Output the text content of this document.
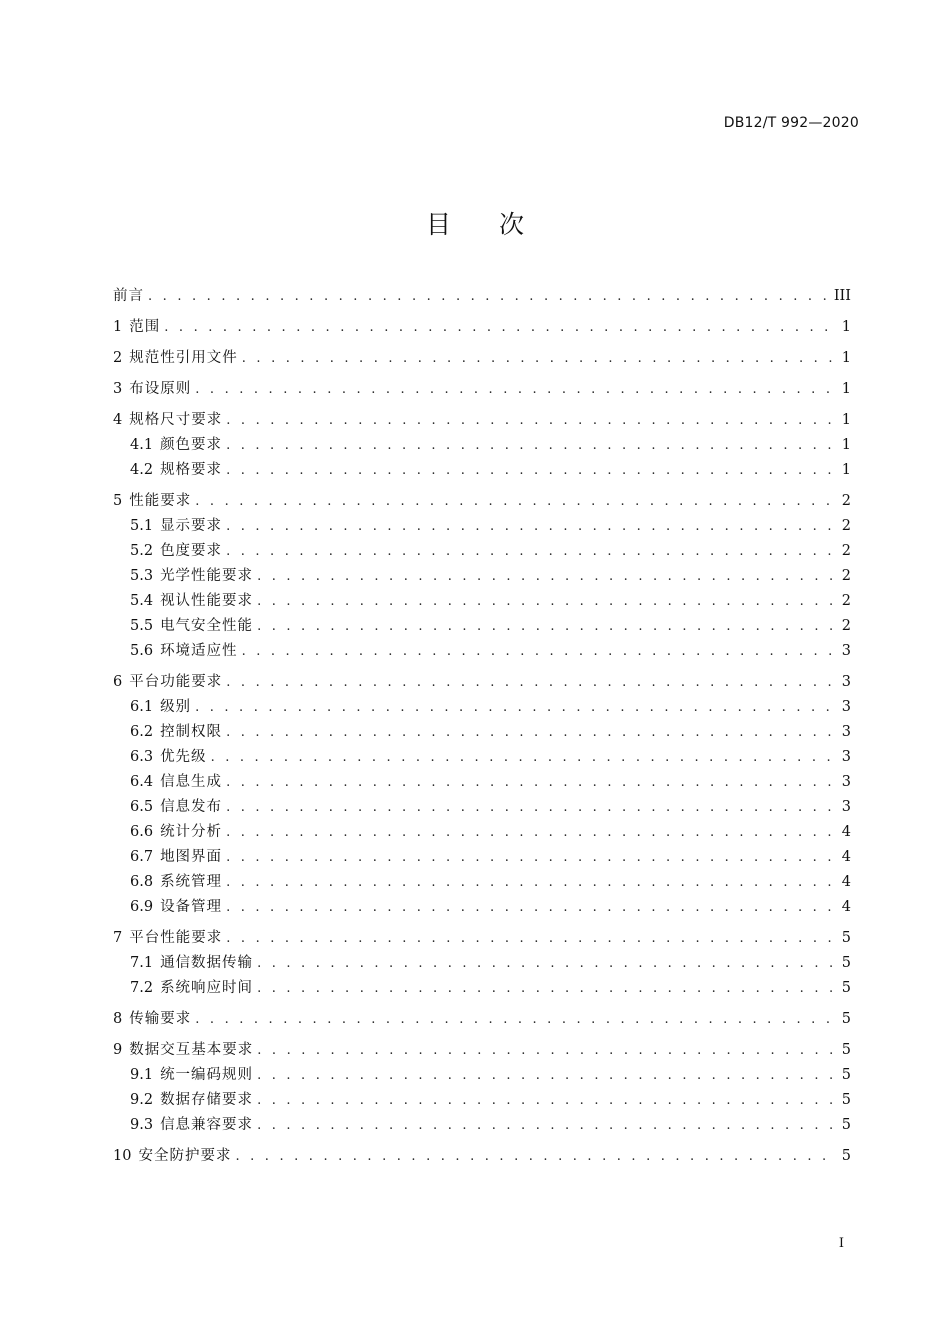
DB12/T 992—2020
目次
前言 . . .	III
1 范围 . . .	1
2 规范性引用文件 . . .	1
3 布设原则 . . .	1
4 规格尺寸要求 . . .	1
4.1 颜色要求 . . .	1
4.2 规格要求 . . .	1
5 性能要求 . . .	2
5.1 显示要求 . . .	2
5.2 色度要求 . . .	2
5.3 光学性能要求 . . .	2
5.4 视认性能要求 . . .	2
5.5 电气安全性能 . . .	2
5.6 环境适应性 . . .	3
6 平台功能要求 . . .	3
6.1 级别 . . .	3
6.2 控制权限 . . .	3
6.3 优先级 . . .	3
6.4 信息生成 . . .	3
6.5 信息发布 . . .	3
6.6 统计分析 . . .	4
6.7 地图界面 . . .	4
6.8 系统管理 . . .	4
6.9 设备管理 . . .	4
7 平台性能要求 . . .	5
7.1 通信数据传输 . . .	5
7.2 系统响应时间 . . .	5
8 传输要求 . . .	5
9 数据交互基本要求 . . .	5
9.1 统一编码规则 . . .	5
9.2 数据存储要求 . . .	5
9.3 信息兼容要求 . . .	5
10 安全防护要求 . . .	5
I
